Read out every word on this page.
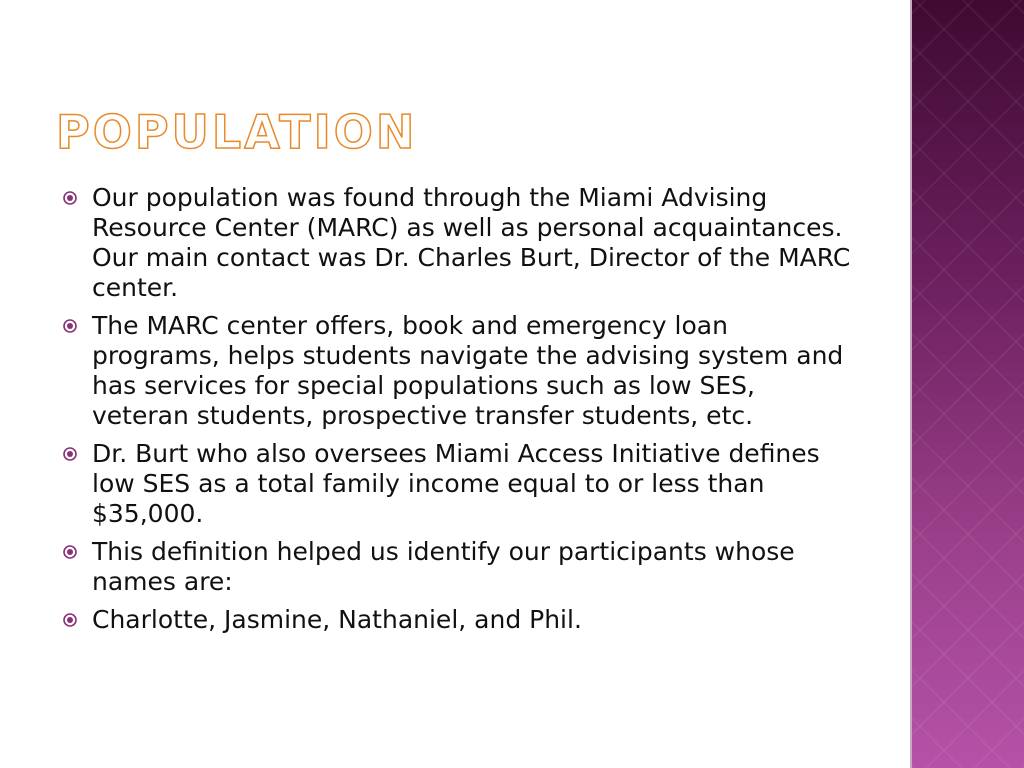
POPULATION
Our population was found through the Miami Advising Resource Center (MARC) as well as personal acquaintances. Our main contact was Dr. Charles Burt, Director of the MARC center.
The MARC center offers, book and emergency loan programs, helps students navigate the advising system and has services for special populations such as low SES, veteran students, prospective transfer students, etc.
Dr. Burt who also oversees Miami Access Initiative defines low SES as a total family income equal to or less than $35,000.
This definition helped us identify our participants whose names are:
Charlotte, Jasmine, Nathaniel, and Phil.
